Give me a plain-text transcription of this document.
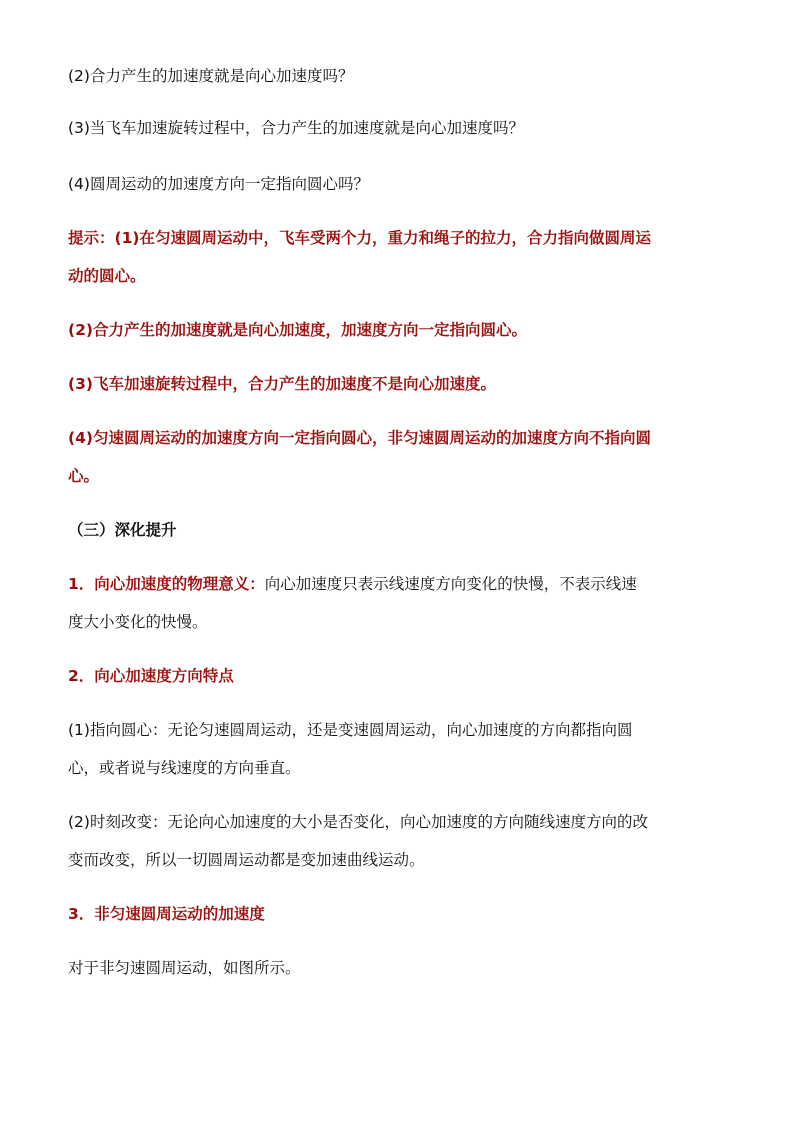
(2)合力产生的加速度就是向心加速度吗？
(3)当飞车加速旋转过程中，合力产生的加速度就是向心加速度吗？
(4)圆周运动的加速度方向一定指向圆心吗？
提示：(1)在匀速圆周运动中，飞车受两个力，重力和绳子的拉力，合力指向做圆周运
动的圆心。
(2)合力产生的加速度就是向心加速度，加速度方向一定指向圆心。
(3)飞车加速旋转过程中，合力产生的加速度不是向心加速度。
(4)匀速圆周运动的加速度方向一定指向圆心，非匀速圆周运动的加速度方向不指向圆
心。
（三）深化提升
1．向心加速度的物理意义：向心加速度只表示线速度方向变化的快慢，不表示线速
度大小变化的快慢。
2．向心加速度方向特点
(1)指向圆心：无论匀速圆周运动，还是变速圆周运动，向心加速度的方向都指向圆
心，或者说与线速度的方向垂直。
(2)时刻改变：无论向心加速度的大小是否变化，向心加速度的方向随线速度方向的改
变而改变，所以一切圆周运动都是变加速曲线运动。
3．非匀速圆周运动的加速度
对于非匀速圆周运动，如图所示。
